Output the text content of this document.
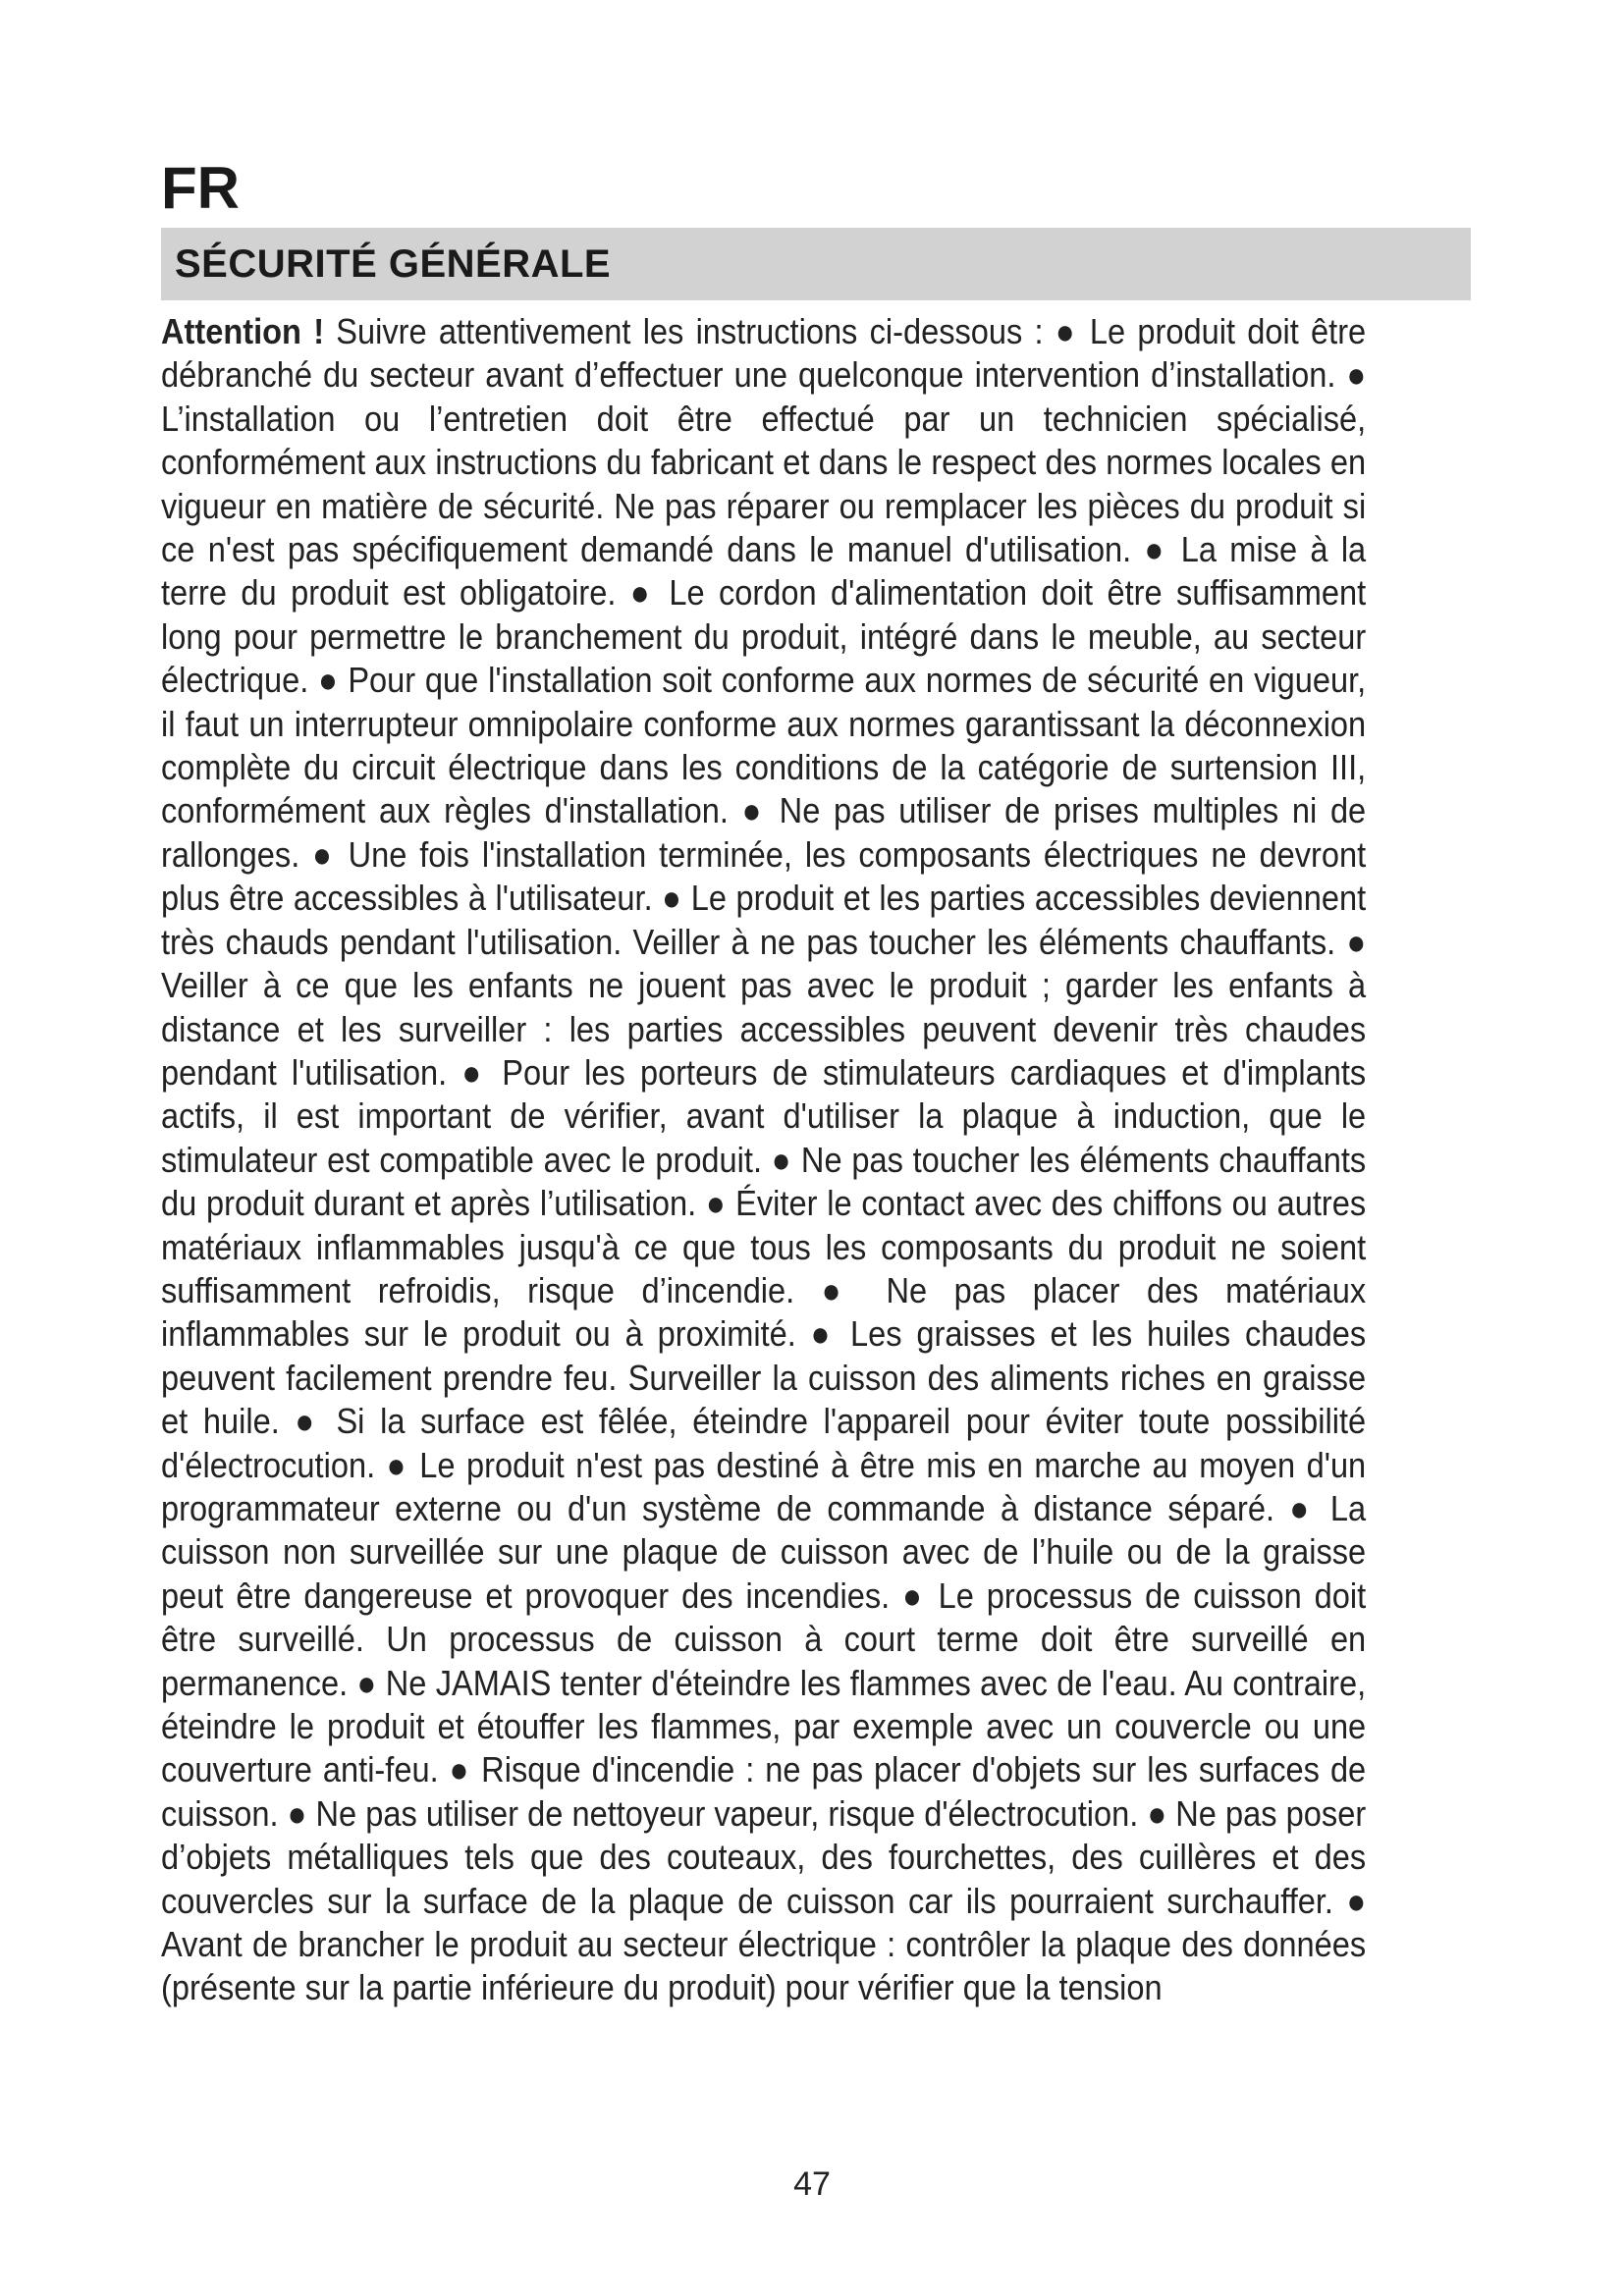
FR
SÉCURITÉ GÉNÉRALE

Attention ! Suivre attentivement les instructions ci-dessous : ● Le produit doit être débranché du secteur avant d’effectuer une quelconque intervention d’installation. ● L’installation ou l’entretien doit être effectué par un technicien spécialisé, conformément aux instructions du fabricant et dans le respect des normes locales en vigueur en matière de sécurité. Ne pas réparer ou remplacer les pièces du produit si ce n'est pas spécifiquement demandé dans le manuel d'utilisation. ● La mise à la terre du produit est obligatoire. ● Le cordon d'alimentation doit être suffisamment long pour permettre le branchement du produit, intégré dans le meuble, au secteur électrique. ● Pour que l'installation soit conforme aux normes de sécurité en vigueur, il faut un interrupteur omnipolaire conforme aux normes garantissant la déconnexion complète du circuit électrique dans les conditions de la catégorie de surtension III, conformément aux règles d'installation. ● Ne pas utiliser de prises multiples ni de rallonges. ● Une fois l'installation terminée, les composants électriques ne devront plus être accessibles à l'utilisateur. ● Le produit et les parties accessibles deviennent très chauds pendant l'utilisation. Veiller à ne pas toucher les éléments chauffants. ● Veiller à ce que les enfants ne jouent pas avec le produit ; garder les enfants à distance et les surveiller : les parties accessibles peuvent devenir très chaudes pendant l'utilisation. ● Pour les porteurs de stimulateurs cardiaques et d'implants actifs, il est important de vérifier, avant d'utiliser la plaque à induction, que le stimulateur est compatible avec le produit. ● Ne pas toucher les éléments chauffants du produit durant et après l’utilisation. ● Éviter le contact avec des chiffons ou autres matériaux inflammables jusqu'à ce que tous les composants du produit ne soient suffisamment refroidis, risque d’incendie. ● Ne pas placer des matériaux inflammables sur le produit ou à proximité. ● Les graisses et les huiles chaudes peuvent facilement prendre feu. Surveiller la cuisson des aliments riches en graisse et huile. ● Si la surface est fêlée, éteindre l'appareil pour éviter toute possibilité d'électrocution. ● Le produit n'est pas destiné à être mis en marche au moyen d'un programmateur externe ou d'un système de commande à distance séparé. ● La cuisson non surveillée sur une plaque de cuisson avec de l’huile ou de la graisse peut être dangereuse et provoquer des incendies. ● Le processus de cuisson doit être surveillé. Un processus de cuisson à court terme doit être surveillé en permanence. ● Ne JAMAIS tenter d'éteindre les flammes avec de l'eau. Au contraire, éteindre le produit et étouffer les flammes, par exemple avec un couvercle ou une couverture anti-feu. ● Risque d'incendie : ne pas placer d'objets sur les surfaces de cuisson. ● Ne pas utiliser de nettoyeur vapeur, risque d'électrocution. ● Ne pas poser d’objets métalliques tels que des couteaux, des fourchettes, des cuillères et des couvercles sur la surface de la plaque de cuisson car ils pourraient surchauffer. ● Avant de brancher le produit au secteur électrique : contrôler la plaque des données (présente sur la partie inférieure du produit) pour vérifier que la tension

47
